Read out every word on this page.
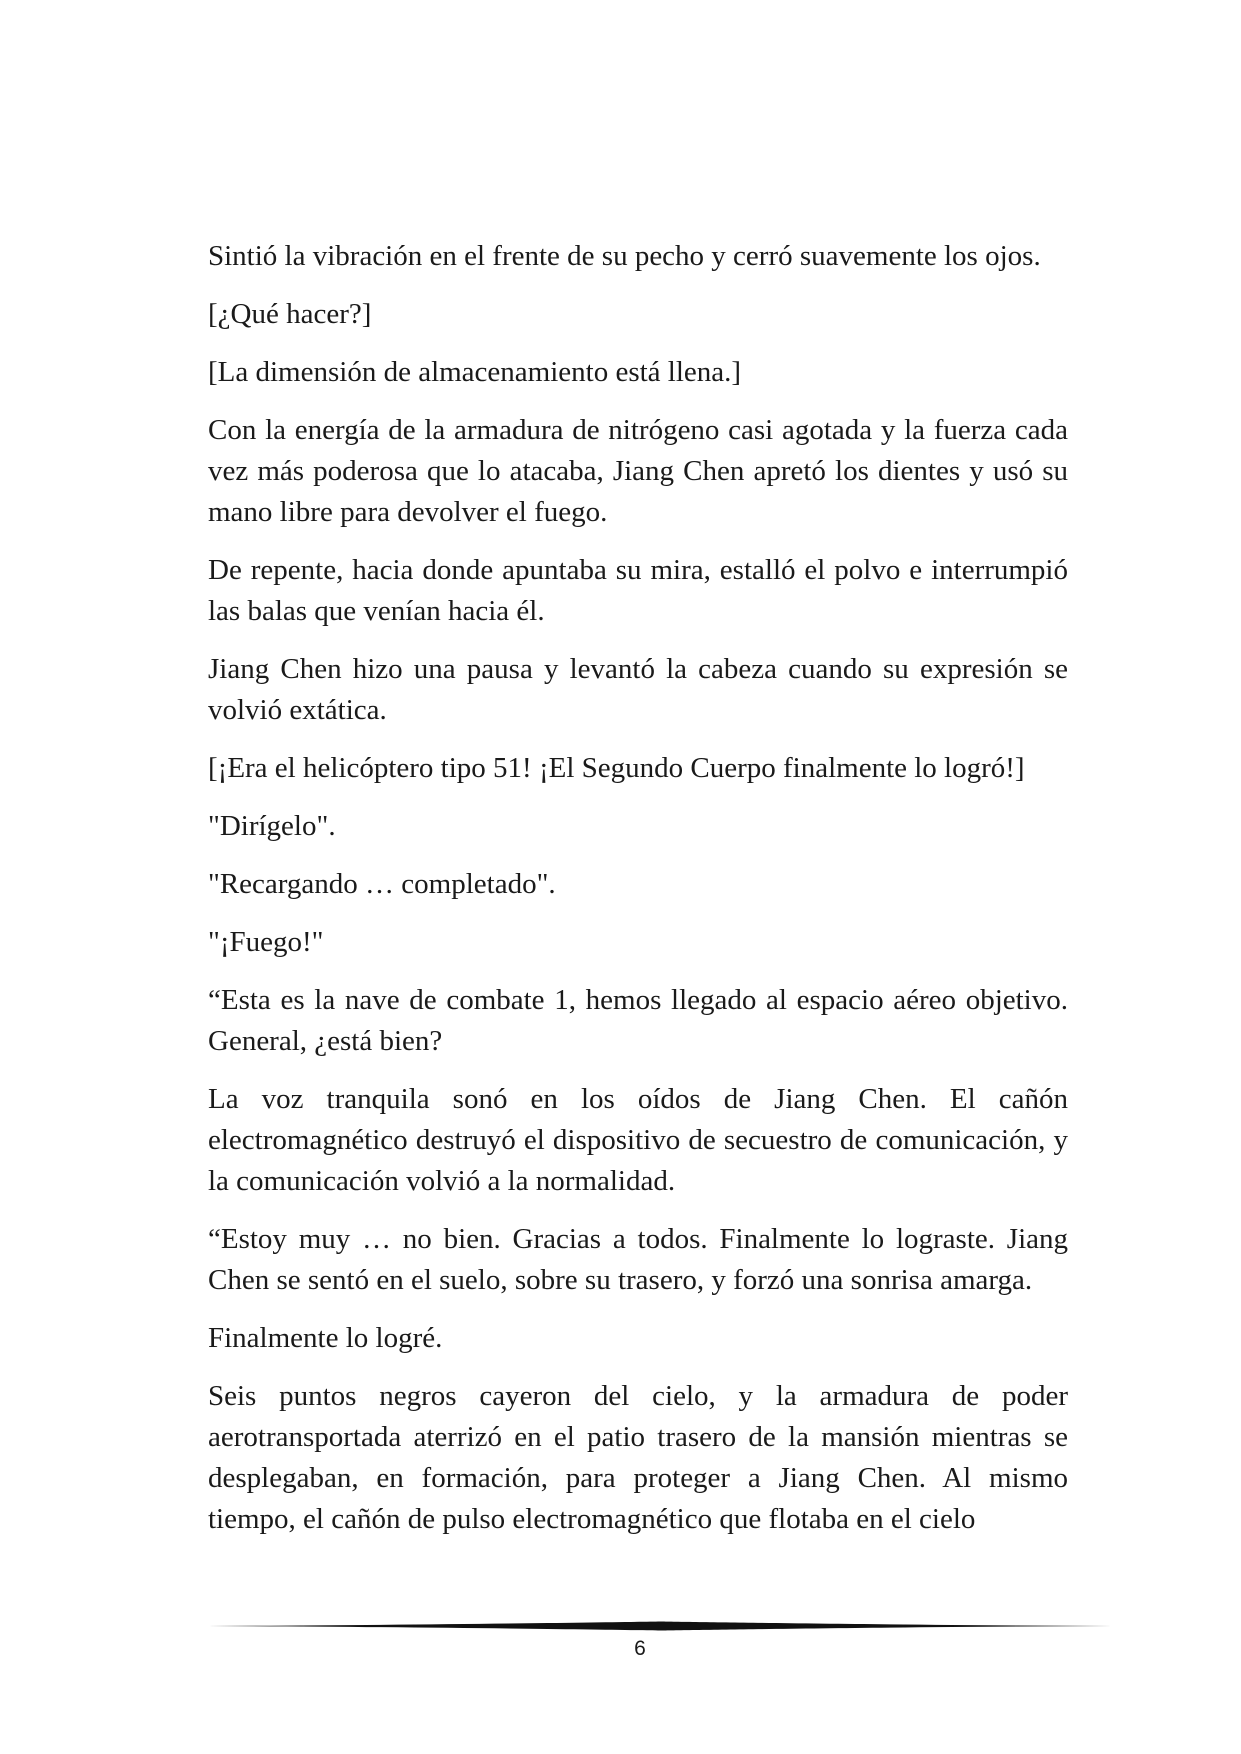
Sintió la vibración en el frente de su pecho y cerró suavemente los ojos.

[¿Qué hacer?]

[La dimensión de almacenamiento está llena.]

Con la energía de la armadura de nitrógeno casi agotada y la fuerza cada vez más poderosa que lo atacaba, Jiang Chen apretó los dientes y usó su mano libre para devolver el fuego.

De repente, hacia donde apuntaba su mira, estalló el polvo e interrumpió las balas que venían hacia él.

Jiang Chen hizo una pausa y levantó la cabeza cuando su expresión se volvió extática.

[¡Era el helicóptero tipo 51! ¡El Segundo Cuerpo finalmente lo logró!]

"Dirígelo".

"Recargando … completado".

"¡Fuego!"

“Esta es la nave de combate 1, hemos llegado al espacio aéreo objetivo. General, ¿está bien?

La voz tranquila sonó en los oídos de Jiang Chen. El cañón electromagnético destruyó el dispositivo de secuestro de comunicación, y la comunicación volvió a la normalidad.

“Estoy muy … no bien. Gracias a todos. Finalmente lo lograste. Jiang Chen se sentó en el suelo, sobre su trasero, y forzó una sonrisa amarga.

Finalmente lo logré.

Seis puntos negros cayeron del cielo, y la armadura de poder aerotransportada aterrizó en el patio trasero de la mansión mientras se desplegaban, en formación, para proteger a Jiang Chen. Al mismo tiempo, el cañón de pulso electromagnético que flotaba en el cielo

6
